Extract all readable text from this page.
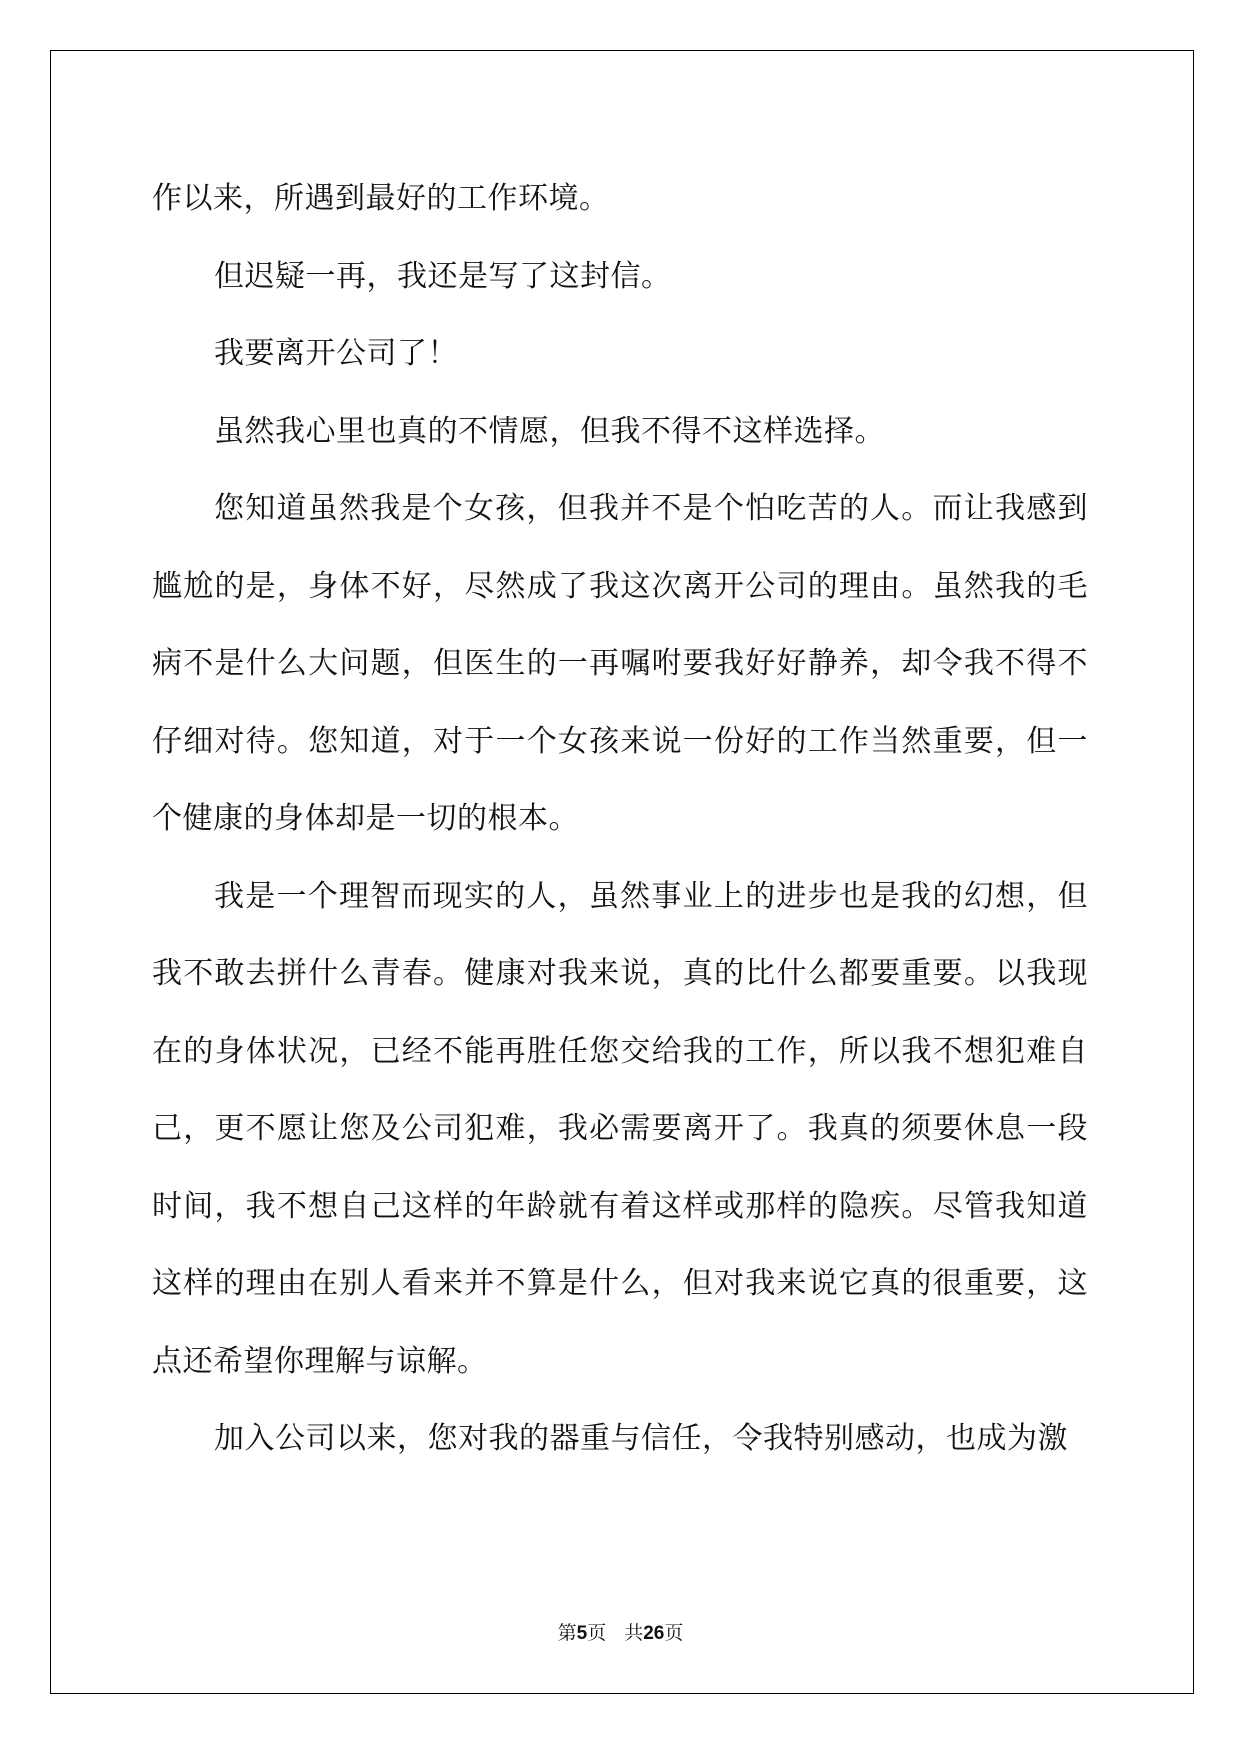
作以来，所遇到最好的工作环境。

但迟疑一再，我还是写了这封信。

我要离开公司了！

虽然我心里也真的不情愿，但我不得不这样选择。

您知道虽然我是个女孩，但我并不是个怕吃苦的人。而让我感到尴尬的是，身体不好，尽然成了我这次离开公司的理由。虽然我的毛病不是什么大问题，但医生的一再嘱咐要我好好静养，却令我不得不仔细对待。您知道，对于一个女孩来说一份好的工作当然重要，但一个健康的身体却是一切的根本。

我是一个理智而现实的人，虽然事业上的进步也是我的幻想，但我不敢去拼什么青春。健康对我来说，真的比什么都要重要。以我现在的身体状况，已经不能再胜任您交给我的工作，所以我不想犯难自己，更不愿让您及公司犯难，我必需要离开了。我真的须要休息一段时间，我不想自己这样的年龄就有着这样或那样的隐疾。尽管我知道这样的理由在别人看来并不算是什么，但对我来说它真的很重要，这点还希望你理解与谅解。

加入公司以来，您对我的器重与信任，令我特别感动，也成为激

第5页 共26页
